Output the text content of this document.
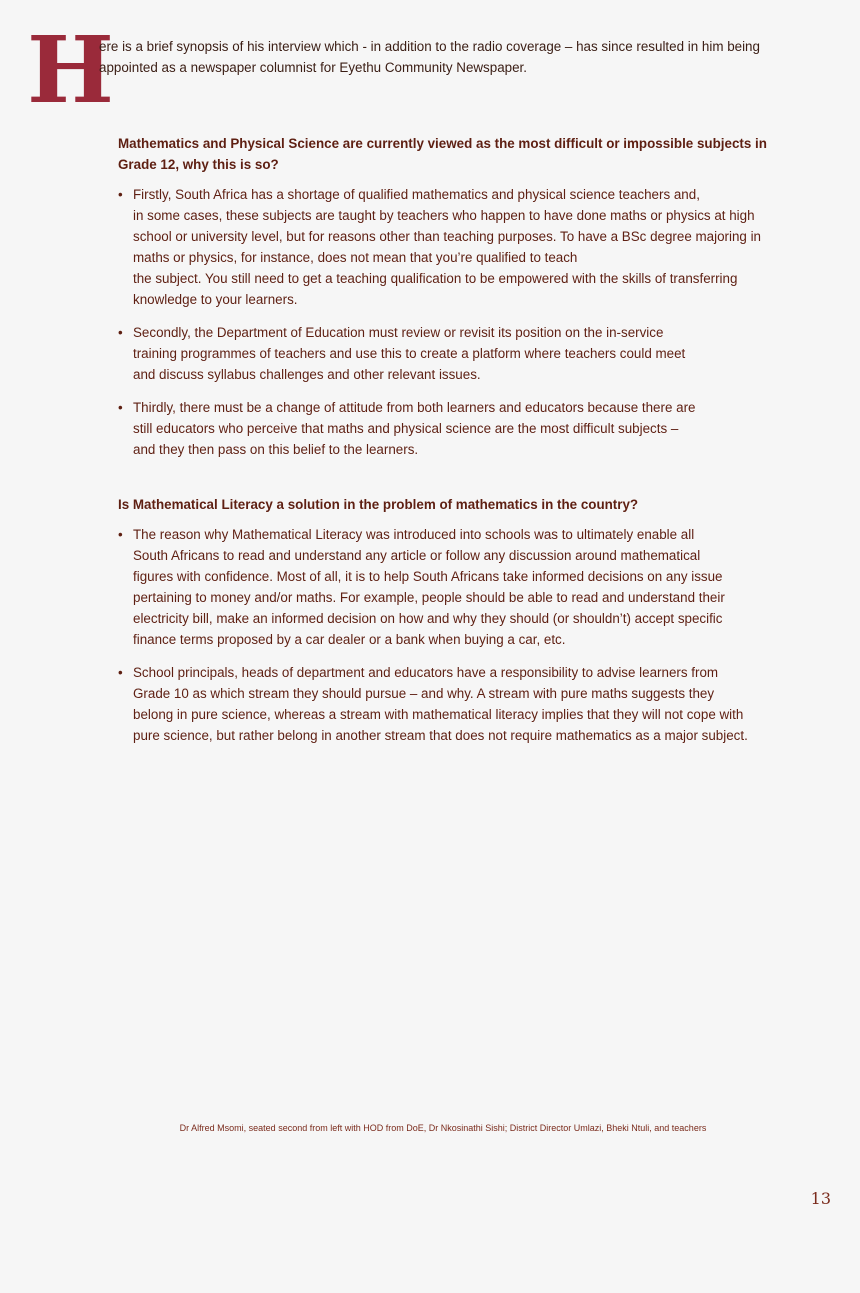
H
ere is a brief synopsis of his interview which - in addition to the radio coverage – has since resulted in him being
appointed as a newspaper columnist for Eyethu Community Newspaper.
Mathematics and Physical Science are currently viewed as the most difficult or impossible subjects in
Grade 12, why this is so?
• Firstly, South Africa has a shortage of qualified mathematics and physical science teachers and,
in some cases, these subjects are taught by teachers who happen to have done maths or physics at high
school or university level, but for reasons other than teaching purposes. To have a BSc degree majoring in
maths or physics, for instance, does not mean that you’re qualified to teach
the subject. You still need to get a teaching qualification to be empowered with the skills of transferring
knowledge to your learners.
• Secondly, the Department of Education must review or revisit its position on the in-service
training programmes of teachers and use this to create a platform where teachers could meet
and discuss syllabus challenges and other relevant issues.
• Thirdly, there must be a change of attitude from both learners and educators because there are
still educators who perceive that maths and physical science are the most difficult subjects –
and they then pass on this belief to the learners.
Is Mathematical Literacy a solution in the problem of mathematics in the country?
• The reason why Mathematical Literacy was introduced into schools was to ultimately enable all
South Africans to read and understand any article or follow any discussion around mathematical
figures with confidence. Most of all, it is to help South Africans take informed decisions on any issue
pertaining to money and/or maths. For example, people should be able to read and understand their
electricity bill, make an informed decision on how and why they should (or shouldn’t) accept specific
finance terms proposed by a car dealer or a bank when buying a car, etc.
• School principals, heads of department and educators have a responsibility to advise learners from
Grade 10 as which stream they should pursue – and why. A stream with pure maths suggests they
belong in pure science, whereas a stream with mathematical literacy implies that they will not cope with
pure science, but rather belong in another stream that does not require mathematics as a major subject.
Dr Alfred Msomi, seated second from left with HOD from DoE, Dr Nkosinathi Sishi; District Director Umlazi, Bheki Ntuli, and teachers
13
